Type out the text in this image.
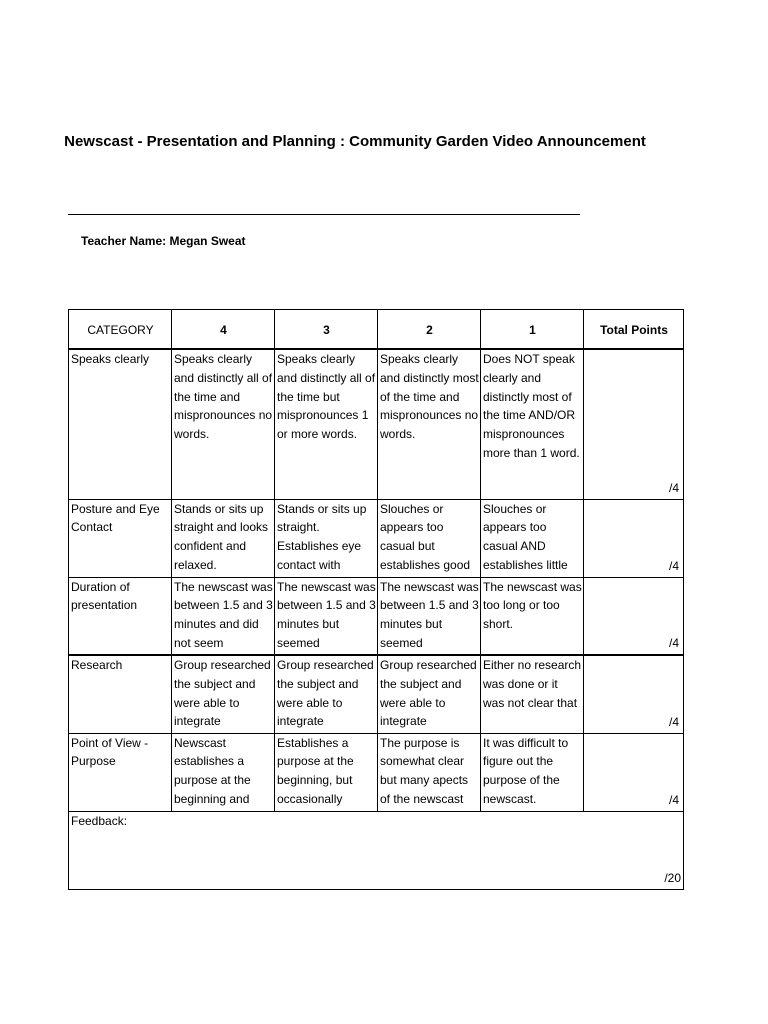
Newscast - Presentation and Planning : Community Garden Video Announcement
Teacher Name: Megan Sweat
CATEGORY	4	3	2	1	Total Points

Speaks clearly	Speaks clearly and distinctly all of the time and mispronounces no words.	Speaks clearly and distinctly all of the time but mispronounces 1 or more words.	Speaks clearly and distinctly most of the time and mispronounces no words.	Does NOT speak clearly and distinctly most of the time AND/OR mispronounces more than 1 word.	/4

Posture and Eye Contact	Stands or sits up straight and looks confident and relaxed.	Stands or sits up straight. Establishes eye contact with	Slouches or appears too casual but establishes good	Slouches or appears too casual AND establishes little	/4

Duration of presentation	The newscast was between 1.5 and 3 minutes and did not seem	The newscast was between 1.5 and 3 minutes but seemed	The newscast was between 1.5 and 3 minutes but seemed	The newscast was too long or too short.	/4

Research	Group researched the subject and were able to integrate	Group researched the subject and were able to integrate	Group researched the subject and were able to integrate	Either no research was done or it was not clear that	/4

Point of View - Purpose	Newscast establishes a purpose at the beginning and	Establishes a purpose at the beginning, but occasionally	The purpose is somewhat clear but many apects of the newscast	It was difficult to figure out the purpose of the newscast.	/4

Feedback:
/20					
